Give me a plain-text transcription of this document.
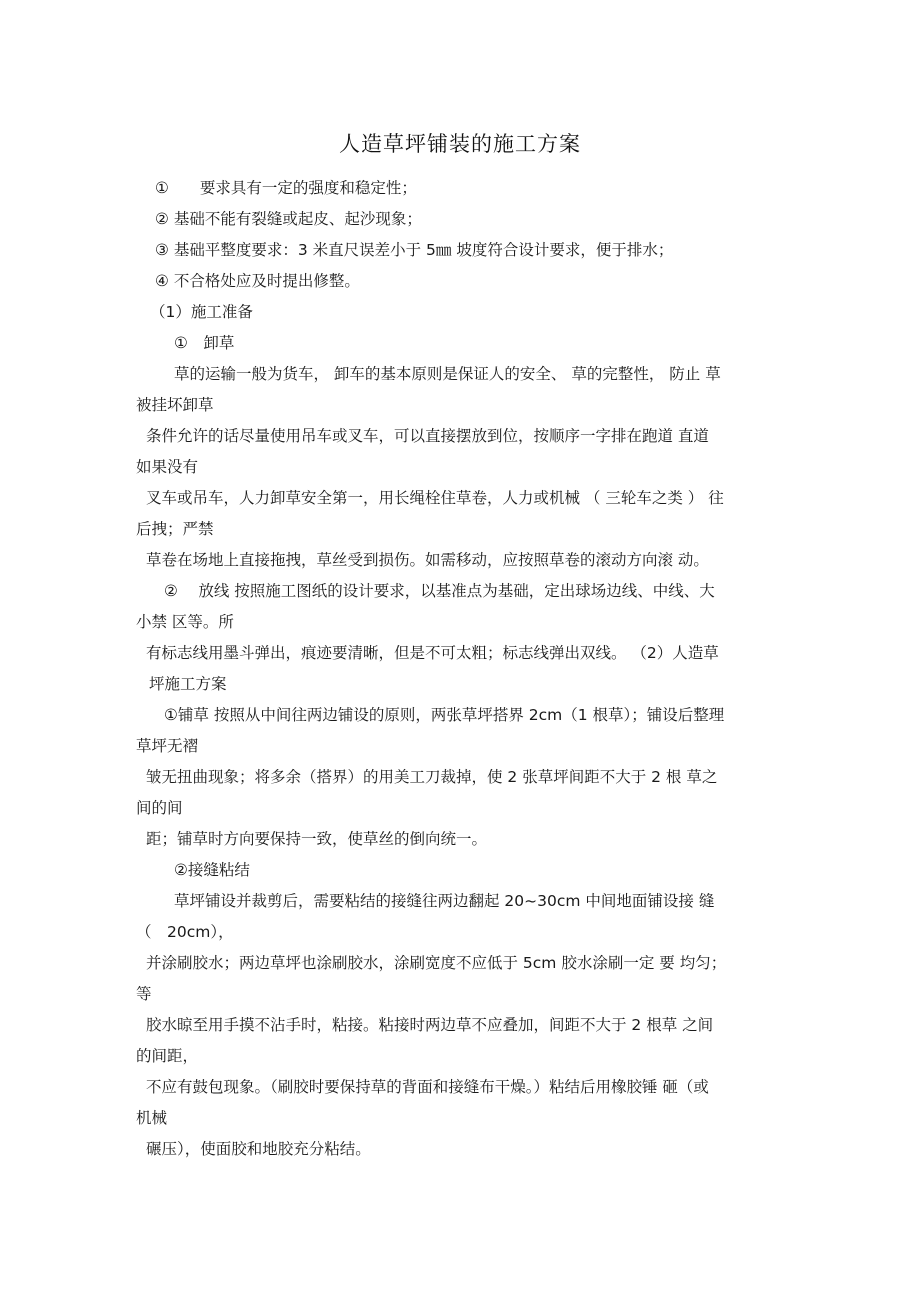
人造草坪铺装的施工方案
①　　要求具有一定的强度和稳定性；
② 基础不能有裂缝或起皮、起沙现象；
③ 基础平整度要求：3 米直尺误差小于 5㎜ 坡度符合设计要求，便于排水；
④ 不合格处应及时提出修整。
（1）施工准备
①　卸草
草的运输一般为货车， 卸车的基本原则是保证人的安全、 草的完整性， 防止 草
被挂坏卸草
条件允许的话尽量使用吊车或叉车，可以直接摆放到位，按顺序一字排在跑道 直道
如果没有
叉车或吊车，人力卸草安全第一，用长绳栓住草卷，人力或机械 （ 三轮车之类 ） 往
后拽；严禁
草卷在场地上直接拖拽，草丝受到损伤。如需移动，应按照草卷的滚动方向滚 动。
②　 放线 按照施工图纸的设计要求，以基准点为基础，定出球场边线、中线、大
小禁 区等。所
有标志线用墨斗弹出，痕迹要清晰，但是不可太粗；标志线弹出双线。 （2）人造草
坪施工方案
①铺草 按照从中间往两边铺设的原则，两张草坪搭界 2cm（1 根草）；铺设后整理
草坪无褶
皱无扭曲现象；将多余（搭界）的用美工刀裁掉，使 2 张草坪间距不大于 2 根 草之
间的间
距；铺草时方向要保持一致，使草丝的倒向统一。
②接缝粘结
草坪铺设并裁剪后，需要粘结的接缝往两边翻起 20~30cm 中间地面铺设接 缝
（　20cm），
并涂刷胶水；两边草坪也涂刷胶水，涂刷宽度不应低于 5cm 胶水涂刷一定 要 均匀；
等
胶水晾至用手摸不沾手时，粘接。粘接时两边草不应叠加，间距不大于 2 根草 之间
的间距，
不应有鼓包现象。（刷胶时要保持草的背面和接缝布干燥。）粘结后用橡胶锤 砸（或
机械
碾压），使面胶和地胶充分粘结。
